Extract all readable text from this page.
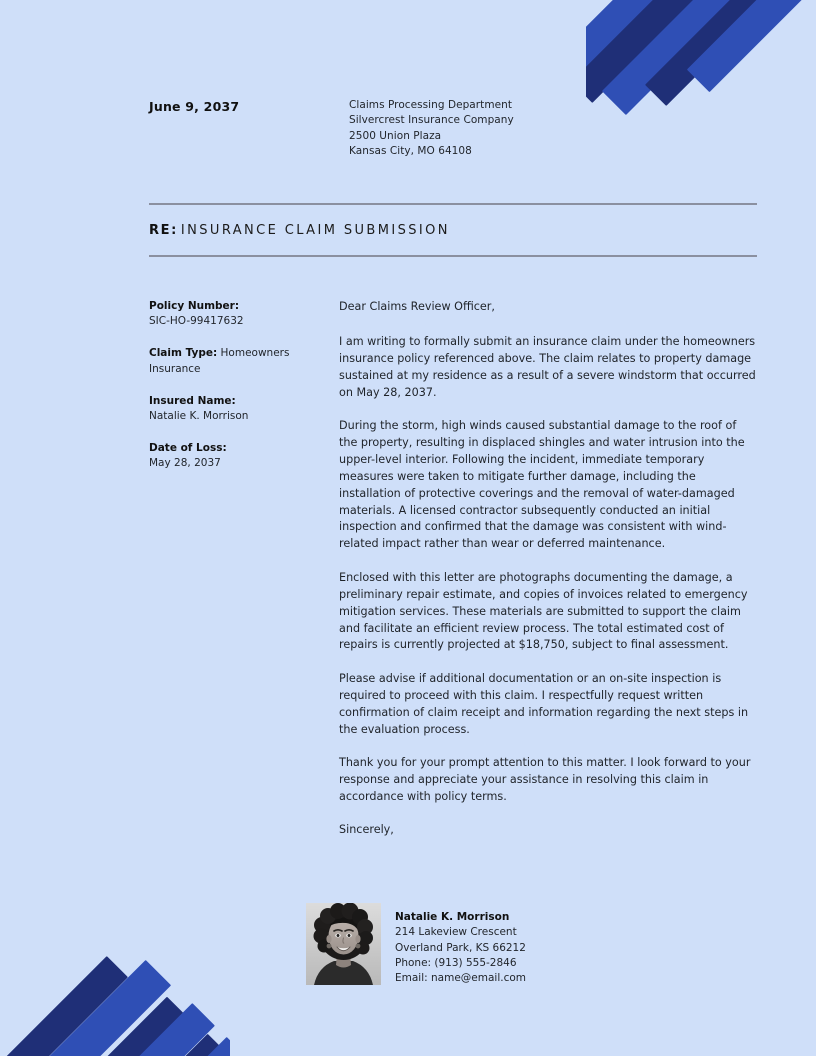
June 9, 2037	Claims Processing Department
Silvercrest Insurance Company
2500 Union Plaza
Kansas City, MO 64108
RE: INSURANCE CLAIM SUBMISSION
Policy Number:
SIC-HO-99417632
Claim Type: Homeowners Insurance
Insured Name:
Natalie K. Morrison
Date of Loss:
May 28, 2037

Dear Claims Review Officer,

I am writing to formally submit an insurance claim under the homeowners insurance policy referenced above. The claim relates to property damage sustained at my residence as a result of a severe windstorm that occurred on May 28, 2037.

During the storm, high winds caused substantial damage to the roof of the property, resulting in displaced shingles and water intrusion into the upper-level interior. Following the incident, immediate temporary measures were taken to mitigate further damage, including the installation of protective coverings and the removal of water-damaged materials. A licensed contractor subsequently conducted an initial inspection and confirmed that the damage was consistent with wind-related impact rather than wear or deferred maintenance.

Enclosed with this letter are photographs documenting the damage, a preliminary repair estimate, and copies of invoices related to emergency mitigation services. These materials are submitted to support the claim and facilitate an efficient review process. The total estimated cost of repairs is currently projected at $18,750, subject to final assessment.

Please advise if additional documentation or an on-site inspection is required to proceed with this claim. I respectfully request written confirmation of claim receipt and information regarding the next steps in the evaluation process.

Thank you for your prompt attention to this matter. I look forward to your response and appreciate your assistance in resolving this claim in accordance with policy terms.

Sincerely,

Natalie K. Morrison
214 Lakeview Crescent
Overland Park, KS 66212
Phone: (913) 555-2846
Email: name@email.com
